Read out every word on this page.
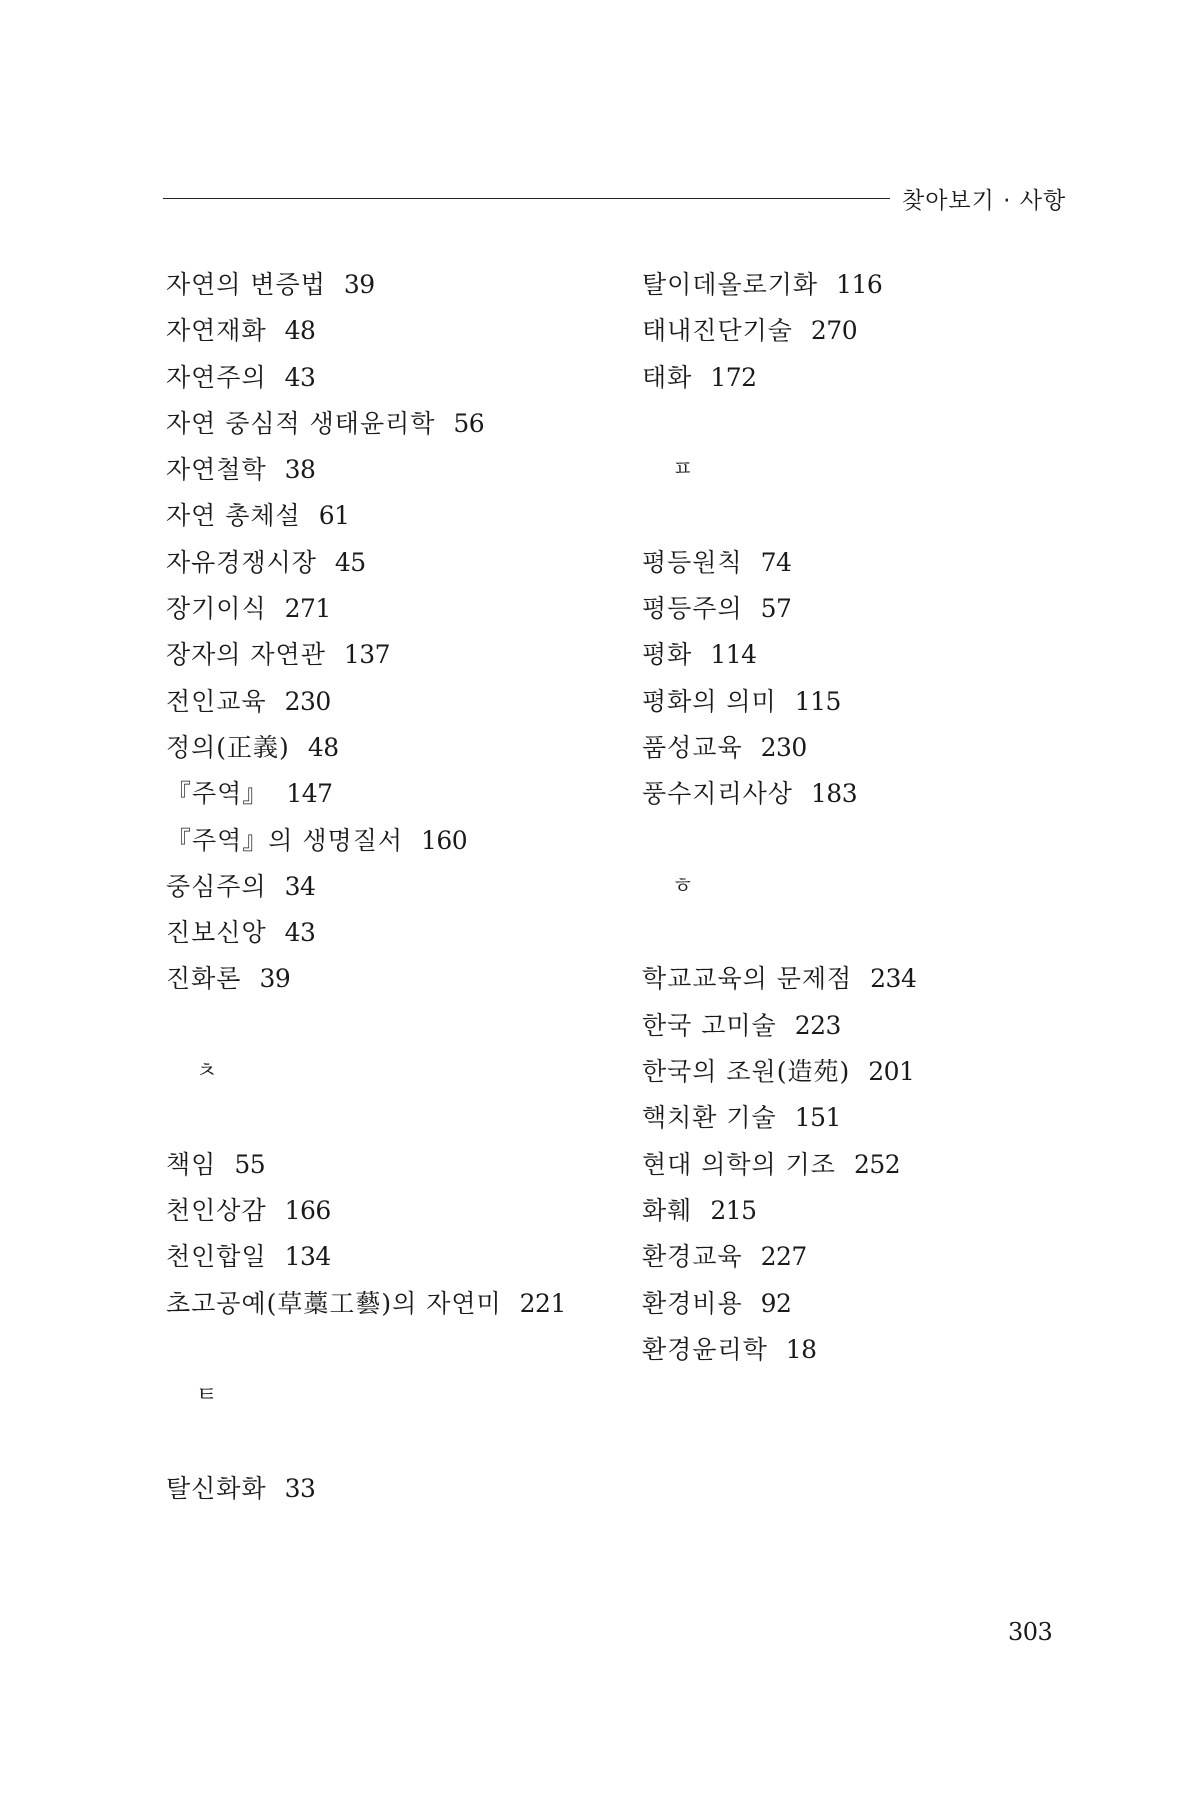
찾아보기 · 사항
자연의 변증법 39
자연재화 48
자연주의 43
자연 중심적 생태윤리학 56
자연철학 38
자연 총체설 61
자유경쟁시장 45
장기이식 271
장자의 자연관 137
전인교육 230
정의(正義) 48
『주역』 147
『주역』의 생명질서 160
중심주의 34
진보신앙 43
진화론 39
ㅊ
책임 55
천인상감 166
천인합일 134
초고공예(草藁工藝)의 자연미 221
ㅌ
탈신화화 33
탈이데올로기화 116
태내진단기술 270
태화 172
ㅍ
평등원칙 74
평등주의 57
평화 114
평화의 의미 115
품성교육 230
풍수지리사상 183
ㅎ
학교교육의 문제점 234
한국 고미술 223
한국의 조원(造苑) 201
핵치환 기술 151
현대 의학의 기조 252
화훼 215
환경교육 227
환경비용 92
환경윤리학 18
303
